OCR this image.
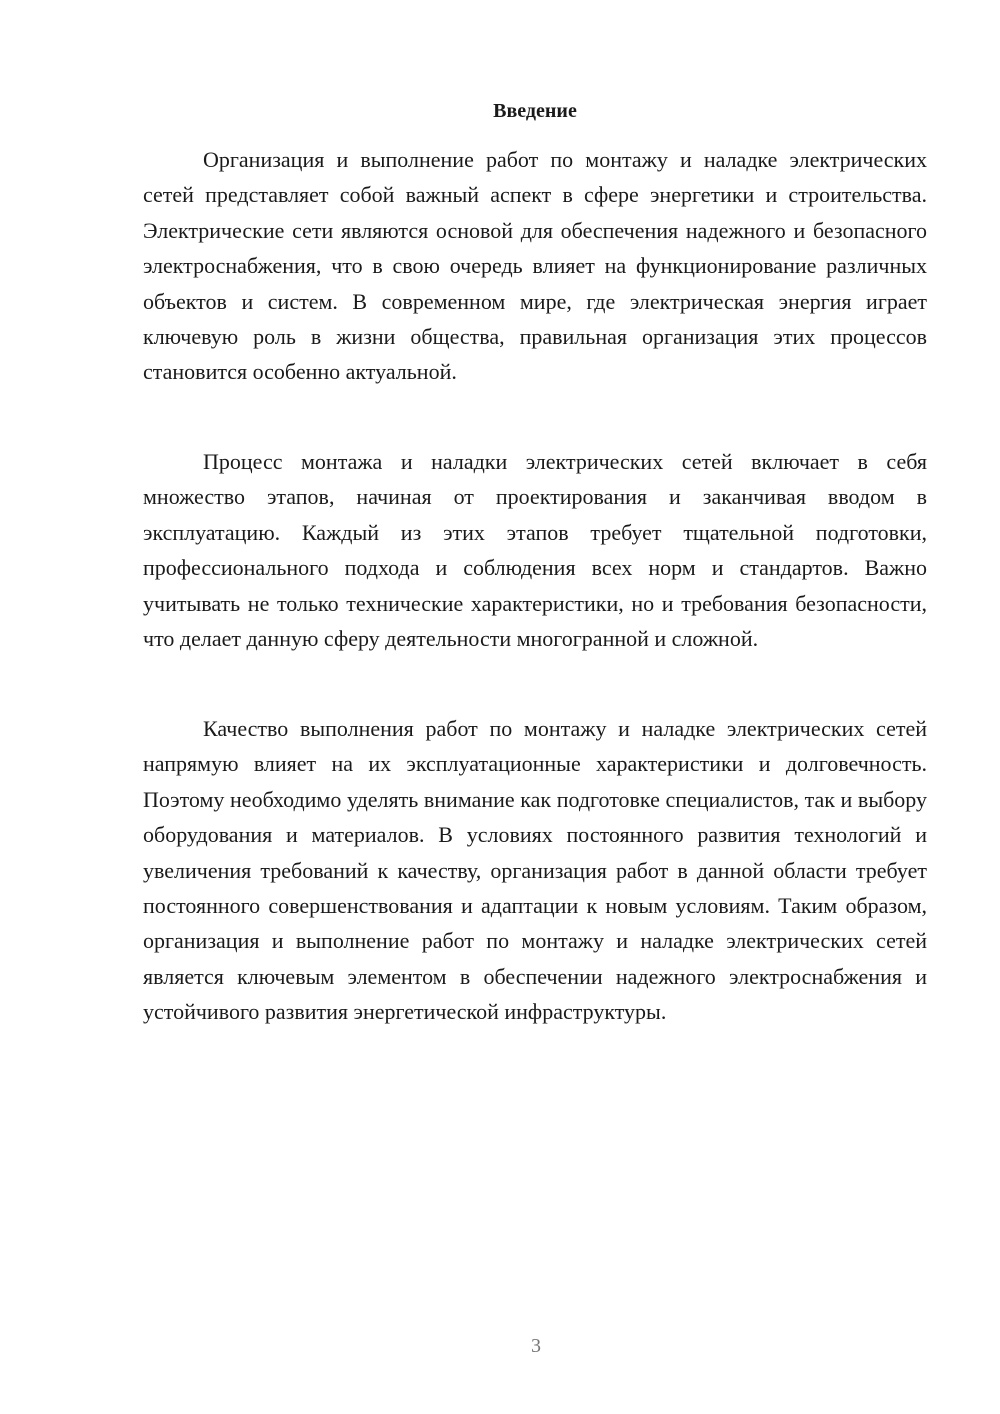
Введение

Организация и выполнение работ по монтажу и наладке электрических сетей представляет собой важный аспект в сфере энергетики и строительства. Электрические сети являются основой для обеспечения надежного и безопасного электроснабжения, что в свою очередь влияет на функционирование различных объектов и систем. В современном мире, где электрическая энергия играет ключевую роль в жизни общества, правильная организация этих процессов становится особенно актуальной.

Процесс монтажа и наладки электрических сетей включает в себя множество этапов, начиная от проектирования и заканчивая вводом в эксплуатацию. Каждый из этих этапов требует тщательной подготовки, профессионального подхода и соблюдения всех норм и стандартов. Важно учитывать не только технические характеристики, но и требования безопасности, что делает данную сферу деятельности многогранной и сложной.

Качество выполнения работ по монтажу и наладке электрических сетей напрямую влияет на их эксплуатационные характеристики и долговечность. Поэтому необходимо уделять внимание как подготовке специалистов, так и выбору оборудования и материалов. В условиях постоянного развития технологий и увеличения требований к качеству, организация работ в данной области требует постоянного совершенствования и адаптации к новым условиям. Таким образом, организация и выполнение работ по монтажу и наладке электрических сетей является ключевым элементом в обеспечении надежного электроснабжения и устойчивого развития энергетической инфраструктуры.

3
